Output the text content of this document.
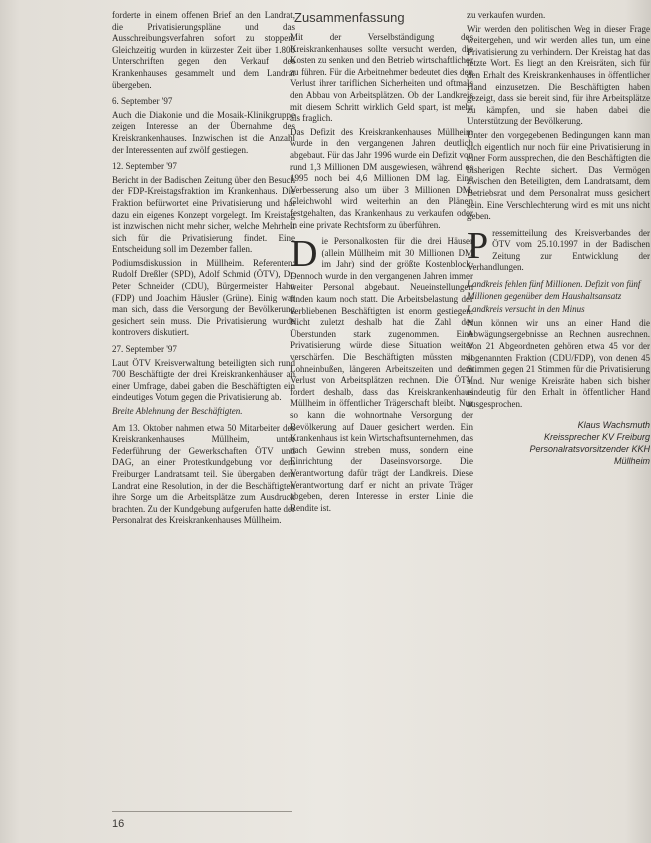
forderte in einem offenen Brief an den Landrat, die Privatisierungspläne und das Ausschreibungsverfahren sofort zu stoppen. Gleichzeitig wurden in kürzester Zeit über 1.800 Unterschriften gegen den Verkauf des Krankenhauses gesammelt und dem Landrat übergeben.

6. September '97

Auch die Diakonie und die Mosaik-Klinikgruppe zeigen Interesse an der Übernahme des Kreiskrankenhauses. Inzwischen ist die Anzahl der Interessenten auf zwölf gestiegen.

12. September '97

Bericht in der Badischen Zeitung über den Besuch der FDP-Kreistagsfraktion im Krankenhaus. Die Fraktion befürwortet eine Privatisierung und hat dazu ein eigenes Konzept vorgelegt. Im Kreistag ist inzwischen nicht mehr sicher, welche Mehrheit sich für die Privatisierung findet. Eine Entscheidung soll im Dezember fallen.

Podiumsdiskussion in Müllheim. Referenten: Rudolf Dreßler (SPD), Adolf Schmid (ÖTV), Dr. Peter Schneider (CDU), Bürgermeister Hahn (FDP) und Joachim Häusler (Grüne). Einig war man sich, dass die Versorgung der Bevölkerung gesichert sein muss. Die Privatisierung wurde kontrovers diskutiert.

27. September '97

Laut ÖTV Kreisverwaltung beteiligten sich rund 700 Beschäftigte der drei Kreiskrankenhäuser an einer Umfrage, dabei gaben die Beschäftigten ein eindeutiges Votum gegen die Privatisierung ab.

Breite Ablehnung der Beschäftigten.

Am 13. Oktober nahmen etwa 50 Mitarbeiter des Kreiskrankenhauses Müllheim, unter Federführung der Gewerkschaften ÖTV und DAG, an einer Protestkundgebung vor dem Freiburger Landratsamt teil. Sie übergaben dem Landrat eine Resolution, in der die Beschäftigten ihre Sorge um die Arbeitsplätze zum Ausdruck brachten. Zu der Kundgebung aufgerufen hatte der Personalrat des Kreiskrankenhauses Müllheim.

Zusammenfassung

Mit der Verselbständigung des Kreiskrankenhauses sollte versucht werden, die Kosten zu senken und den Betrieb wirtschaftlicher zu führen. Für die Arbeitnehmer bedeutet dies den Verlust ihrer tariflichen Sicherheiten und oftmals den Abbau von Arbeitsplätzen. Ob der Landkreis mit diesem Schritt wirklich Geld spart, ist mehr als fraglich.

Das Defizit des Kreiskrankenhauses Müllheim wurde in den vergangenen Jahren deutlich abgebaut. Für das Jahr 1996 wurde ein Defizit von rund 1,3 Millionen DM ausgewiesen, während es 1995 noch bei 4,6 Millionen DM lag. Eine Verbesserung also um über 3 Millionen DM. Gleichwohl wird weiterhin an den Plänen festgehalten, das Krankenhaus zu verkaufen oder in eine private Rechtsform zu überführen.

D ie Personalkosten für die drei Häuser (allein Müllheim mit 30 Millionen DM im Jahr) sind der größte Kostenblock. Dennoch wurde in den vergangenen Jahren immer weiter Personal abgebaut. Neueinstellungen finden kaum noch statt. Die Arbeitsbelastung der verbliebenen Beschäftigten ist enorm gestiegen. Nicht zuletzt deshalb hat die Zahl der Überstunden stark zugenommen. Eine Privatisierung würde diese Situation weiter verschärfen. Die Beschäftigten müssten mit Lohneinbußen, längeren Arbeitszeiten und dem Verlust von Arbeitsplätzen rechnen. Die ÖTV fordert deshalb, dass das Kreiskrankenhaus Müllheim in öffentlicher Trägerschaft bleibt. Nur so kann die wohnortnahe Versorgung der Bevölkerung auf Dauer gesichert werden. Ein Krankenhaus ist kein Wirtschaftsunternehmen, das nach Gewinn streben muss, sondern eine Einrichtung der Daseinsvorsorge. Die Verantwortung dafür trägt der Landkreis. Diese Verantwortung darf er nicht an private Träger abgeben, deren Interesse in erster Linie die Rendite ist.

zu verkaufen wurden.

Wir werden den politischen Weg in dieser Frage weitergehen, und wir werden alles tun, um eine Privatisierung zu verhindern. Der Kreistag hat das letzte Wort. Es liegt an den Kreisräten, sich für den Erhalt des Kreiskrankenhauses in öffentlicher Hand einzusetzen. Die Beschäftigten haben gezeigt, dass sie bereit sind, für ihre Arbeitsplätze zu kämpfen, und sie haben dabei die Unterstützung der Bevölkerung.

Unter den vorgegebenen Bedingungen kann man sich eigentlich nur noch für eine Privatisierung in einer Form aussprechen, die den Beschäftigten die bisherigen Rechte sichert. Das Vermögen zwischen den Beteiligten, dem Landratsamt, dem Betriebsrat und dem Personalrat muss gesichert sein. Eine Verschlechterung wird es mit uns nicht geben.

P ressemitteilung des Kreisverbandes der ÖTV vom 25.10.1997 in der Badischen Zeitung zur Entwicklung der Verhandlungen.

Landkreis fehlen fünf Millionen. Defizit von fünf Millionen gegenüber dem Haushaltsansatz

Landkreis versucht in den Minus

Nun können wir uns an einer Hand die Abwägungsergebnisse an Rechnen ausrechnen. Von 21 Abgeordneten gehören etwa 45 vor der sogenannten Fraktion (CDU/FDP), von denen 45 Stimmen gegen 21 Stimmen für die Privatisierung sind. Nur wenige Kreisräte haben sich bisher eindeutig für den Erhalt in öffentlicher Hand ausgesprochen.

Klaus Wachsmuth
Kreissprecher KV Freiburg
Personalratsvorsitzender KKH
Müllheim
16
